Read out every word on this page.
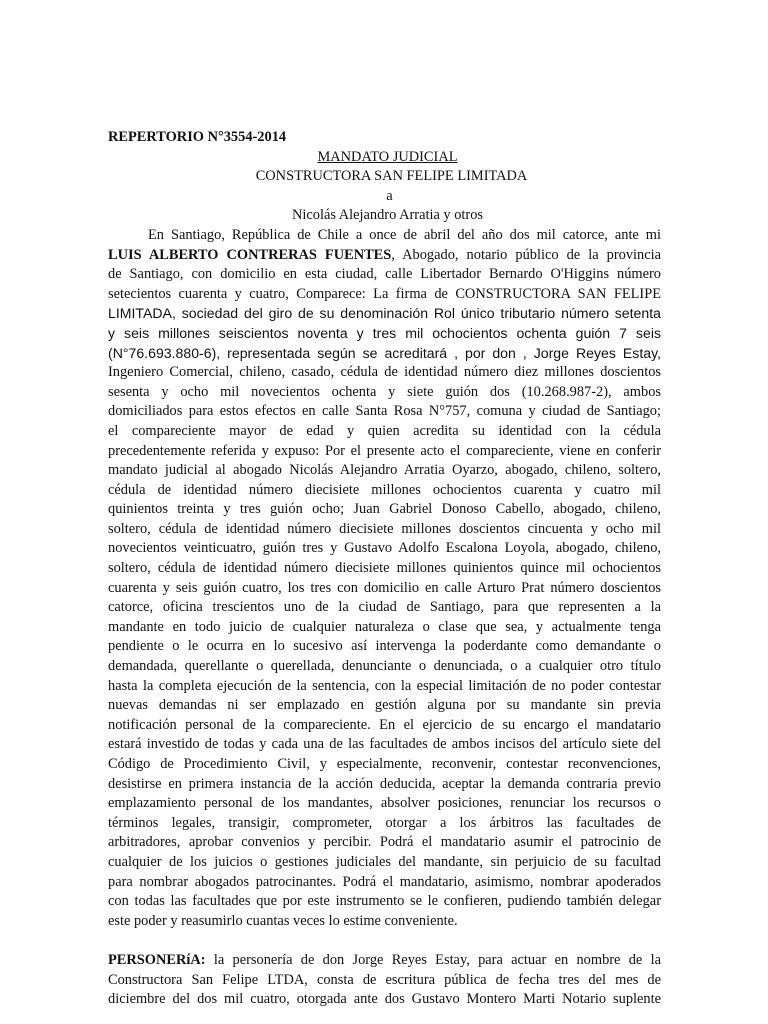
REPERTORIO N°3554-2014
MANDATO JUDICIAL
CONSTRUCTORA SAN FELIPE LIMITADA
a
Nicolás Alejandro Arratia y otros
En Santiago, República de Chile a once de abril del año dos mil catorce, ante mi
LUIS ALBERTO CONTRERAS FUENTES, Abogado, notario público de la provincia
de Santiago, con domicilio en esta ciudad, calle Libertador Bernardo O'Higgins número
setecientos cuarenta y cuatro, Comparece: La firma de CONSTRUCTORA SAN FELIPE
LIMITADA, sociedad del giro de su denominación Rol único tributario número setenta
y seis millones seiscientos noventa y tres mil ochocientos ochenta guión 7 seis
(N°76.693.880-6), representada según se acreditará , por don , Jorge Reyes Estay,
Ingeniero Comercial, chileno, casado, cédula de identidad número diez millones doscientos
sesenta y ocho mil novecientos ochenta y siete guión dos (10.268.987-2), ambos
domiciliados para estos efectos en calle Santa Rosa N°757, comuna y ciudad de Santiago;
el compareciente mayor de edad y quien acredita su identidad con la cédula
precedentemente referida y expuso: Por el presente acto el compareciente, viene en conferir
mandato judicial al abogado Nicolás Alejandro Arratia Oyarzo, abogado, chileno, soltero,
cédula de identidad número diecisiete millones ochocientos cuarenta y cuatro mil
quinientos treinta y tres guión ocho; Juan Gabriel Donoso Cabello, abogado, chileno,
soltero, cédula de identidad número diecisiete millones doscientos cincuenta y ocho mil
novecientos veinticuatro, guión tres y Gustavo Adolfo Escalona Loyola, abogado, chileno,
soltero, cédula de identidad número diecisiete millones quinientos quince mil ochocientos
cuarenta y seis guión cuatro, los tres con domicilio en calle Arturo Prat número doscientos
catorce, oficina trescientos uno de la ciudad de Santiago, para que representen a la
mandante en todo juicio de cualquier naturaleza o clase que sea, y actualmente tenga
pendiente o le ocurra en lo sucesivo así intervenga la poderdante como demandante o
demandada, querellante o querellada, denunciante o denunciada, o a cualquier otro título
hasta la completa ejecución de la sentencia, con la especial limitación de no poder contestar
nuevas demandas ni ser emplazado en gestión alguna por su mandante sin previa
notificación personal de la compareciente. En el ejercicio de su encargo el mandatario
estará investido de todas y cada una de las facultades de ambos incisos del artículo siete del
Código de Procedimiento Civil, y especialmente, reconvenir, contestar reconvenciones,
desistirse en primera instancia de la acción deducida, aceptar la demanda contraria previo
emplazamiento personal de los mandantes, absolver posiciones, renunciar los recursos o
términos legales, transigir, comprometer, otorgar a los árbitros las facultades de
arbitradores, aprobar convenios y percibir. Podrá el mandatario asumir el patrocinio de
cualquier de los juicios o gestiones judiciales del mandante, sin perjuicio de su facultad
para nombrar abogados patrocinantes. Podrá el mandatario, asimismo, nombrar apoderados
con todas las facultades que por este instrumento se le confieren, pudiendo también delegar
este poder y reasumirlo cuantas veces lo estime conveniente.
PERSONERíA: la personería de don Jorge Reyes Estay, para actuar en nombre de la
Constructora San Felipe LTDA, consta de escritura pública de fecha tres del mes de
diciembre del dos mil cuatro, otorgada ante dos Gustavo Montero Marti Notario suplente
